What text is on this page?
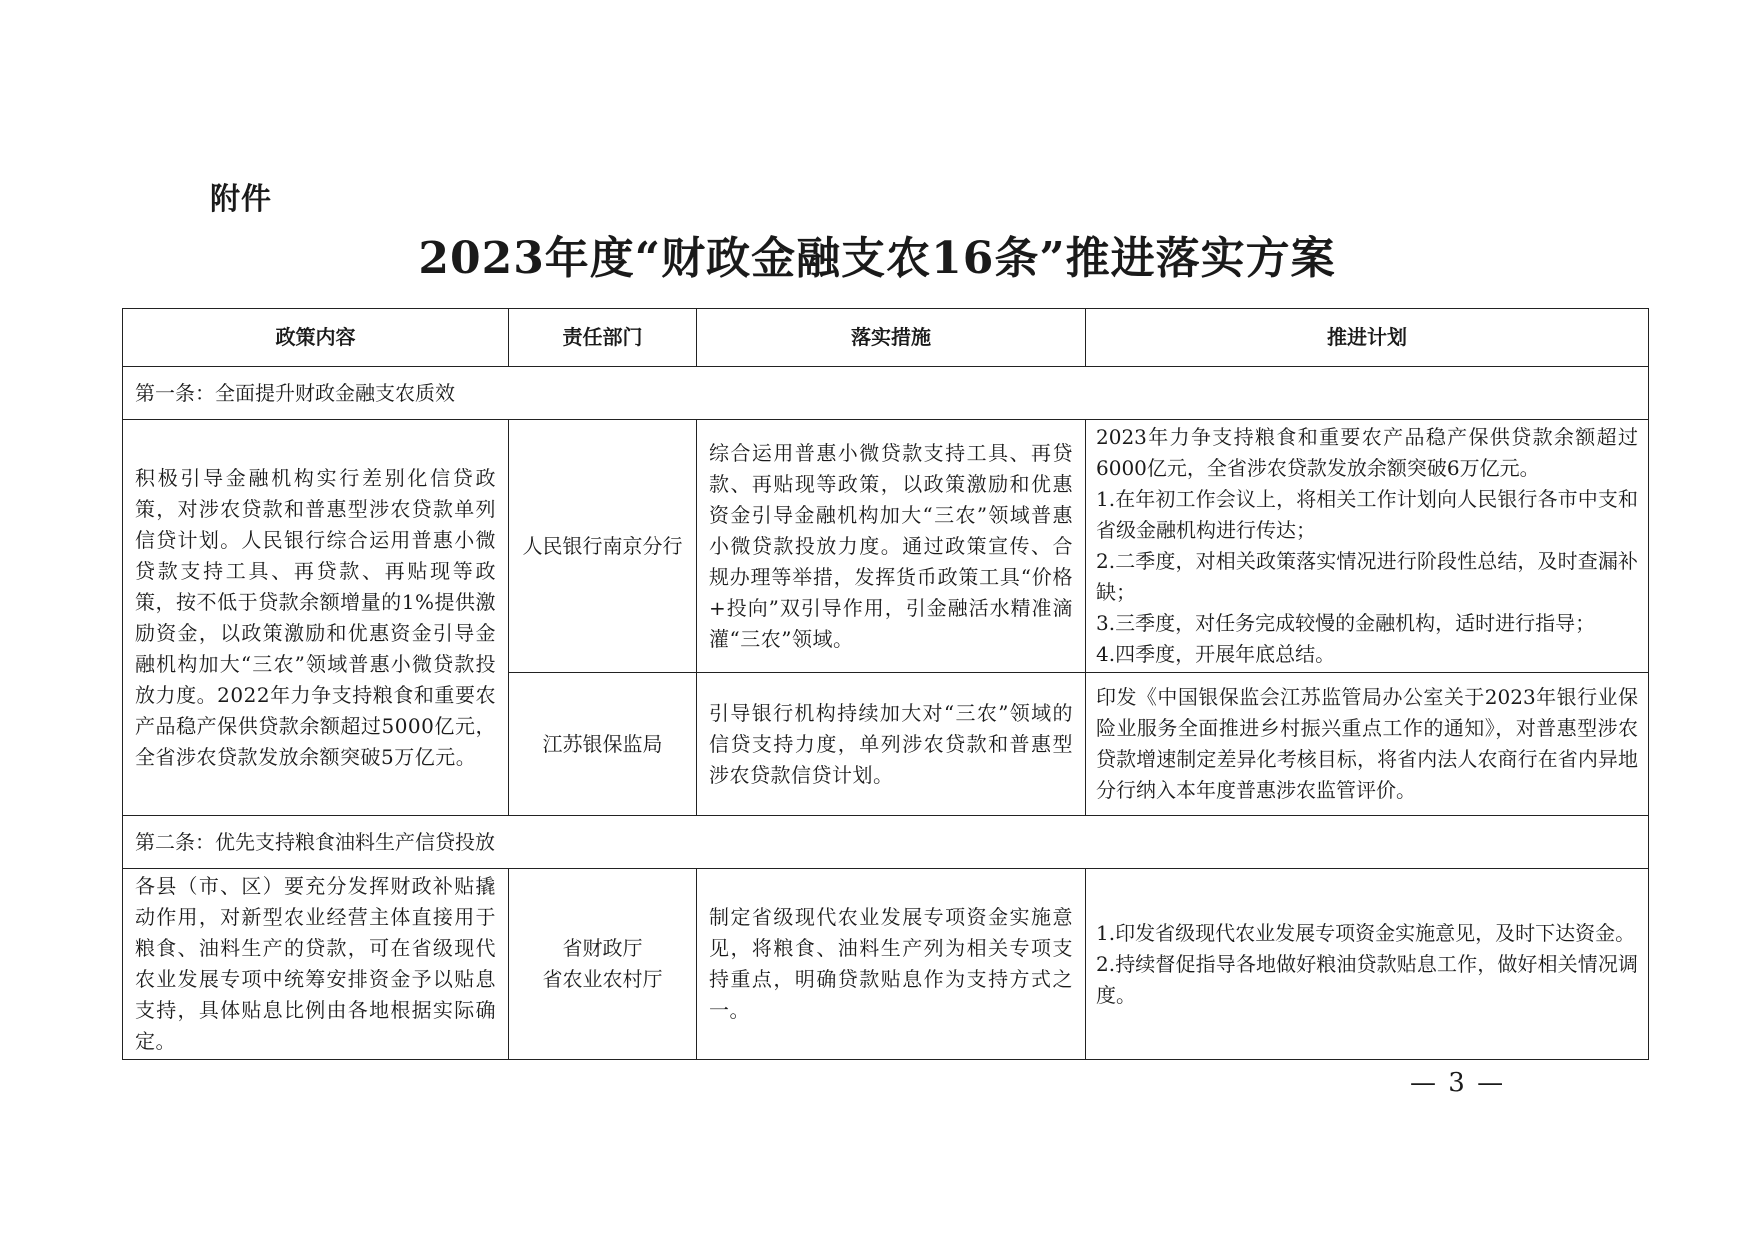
附件
2023年度“财政金融支农16条”推进落实方案
政策内容	责任部门	落实措施	推进计划
第一条：全面提升财政金融支农质效			
积极引导金融机构实行差别化信贷政策，对涉农贷款和普惠型涉农贷款单列信贷计划。人民银行综合运用普惠小微贷款支持工具、再贷款、再贴现等政策，按不低于贷款余额增量的1%提供激励资金，以政策激励和优惠资金引导金融机构加大“三农”领域普惠小微贷款投放力度。2022年力争支持粮食和重要农产品稳产保供贷款余额超过5000亿元，全省涉农贷款发放余额突破5万亿元。	人民银行南京分行	综合运用普惠小微贷款支持工具、再贷款、再贴现等政策，以政策激励和优惠资金引导金融机构加大“三农”领域普惠小微贷款投放力度。通过政策宣传、合规办理等举措，发挥货币政策工具“价格+投向”双引导作用，引金融活水精准滴灌“三农”领域。	2023年力争支持粮食和重要农产品稳产保供贷款余额超过6000亿元，全省涉农贷款发放余额突破6万亿元。
1.在年初工作会议上，将相关工作计划向人民银行各市中支和省级金融机构进行传达；
2.二季度，对相关政策落实情况进行阶段性总结，及时查漏补缺；
3.三季度，对任务完成较慢的金融机构，适时进行指导；
4.四季度，开展年底总结。

	江苏银保监局	引导银行机构持续加大对“三农”领域的信贷支持力度，单列涉农贷款和普惠型涉农贷款信贷计划。	印发《中国银保监会江苏监管局办公室关于2023年银行业保险业服务全面推进乡村振兴重点工作的通知》，对普惠型涉农贷款增速制定差异化考核目标，将省内法人农商行在省内异地分行纳入本年度普惠涉农监管评价。

第二条：优先支持粮食油料生产信贷投放			
各县（市、区）要充分发挥财政补贴撬动作用，对新型农业经营主体直接用于粮食、油料生产的贷款，可在省级现代农业发展专项中统筹安排资金予以贴息支持，具体贴息比例由各地根据实际确定。	省财政厅
省农业农村厅	制定省级现代农业发展专项资金实施意见，将粮食、油料生产列为相关专项支持重点，明确贷款贴息作为支持方式之一。	1.印发省级现代农业发展专项资金实施意见，及时下达资金。
2.持续督促指导各地做好粮油贷款贴息工作，做好相关情况调度。
— 3 —
